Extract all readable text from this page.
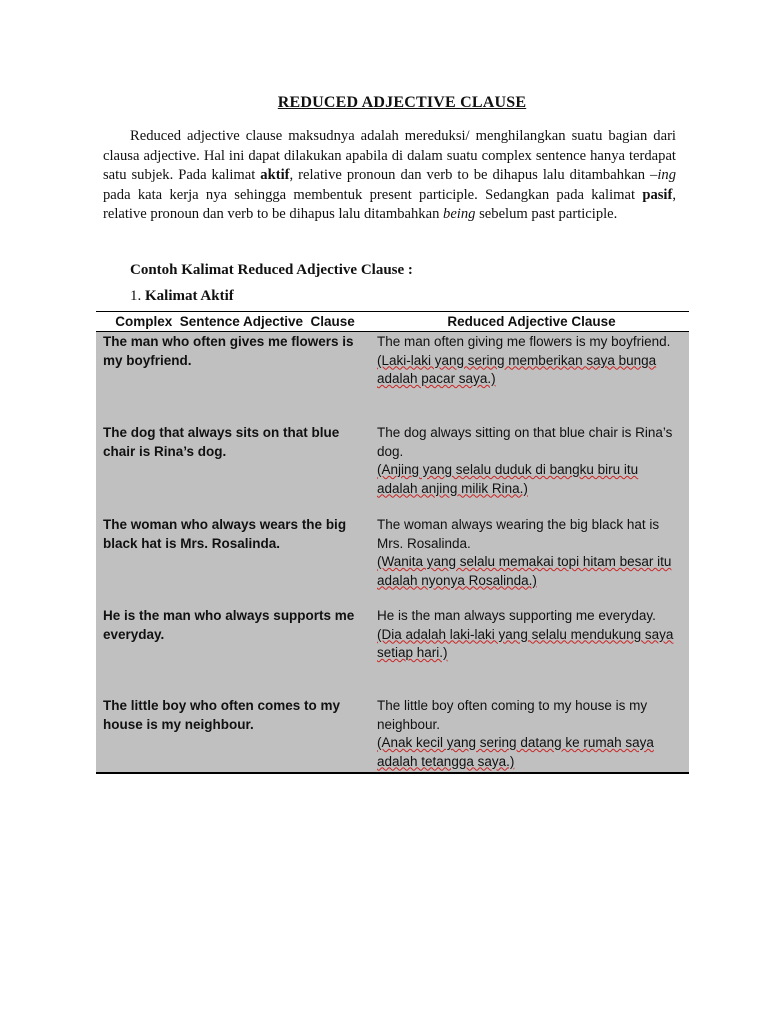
REDUCED ADJECTIVE CLAUSE

Reduced adjective clause maksudnya adalah mereduksi/ menghilangkan suatu bagian dari clausa adjective. Hal ini dapat dilakukan apabila di dalam suatu complex sentence hanya terdapat satu subjek. Pada kalimat aktif, relative pronoun dan verb to be dihapus lalu ditambahkan –ing pada kata kerja nya sehingga membentuk present participle. Sedangkan pada kalimat pasif, relative pronoun dan verb to be dihapus lalu ditambahkan being sebelum past participle.

Contoh Kalimat Reduced Adjective Clause :
1. Kalimat Aktif
Complex  Sentence Adjective  Clause	Reduced Adjective Clause
The man who often gives me flowers is my boyfriend.
The man often giving me flowers is my boyfriend.
(Laki-laki yang sering memberikan saya bunga adalah pacar saya.)
The dog that always sits on that blue chair is Rina’s dog.
The dog always sitting on that blue chair is Rina’s dog.
(Anjing yang selalu duduk di bangku biru itu adalah anjing milik Rina.)
The woman who always wears the big black hat is Mrs. Rosalinda.
The woman always wearing the big black hat is Mrs. Rosalinda.
(Wanita yang selalu memakai topi hitam besar itu adalah nyonya Rosalinda.)
He is the man who always supports me everyday.
He is the man always supporting me everyday.
(Dia adalah laki-laki yang selalu mendukung saya setiap hari.)
The little boy who often comes to my house is my neighbour.
The little boy often coming to my house is my neighbour.
(Anak kecil yang sering datang ke rumah saya adalah tetangga saya.)
